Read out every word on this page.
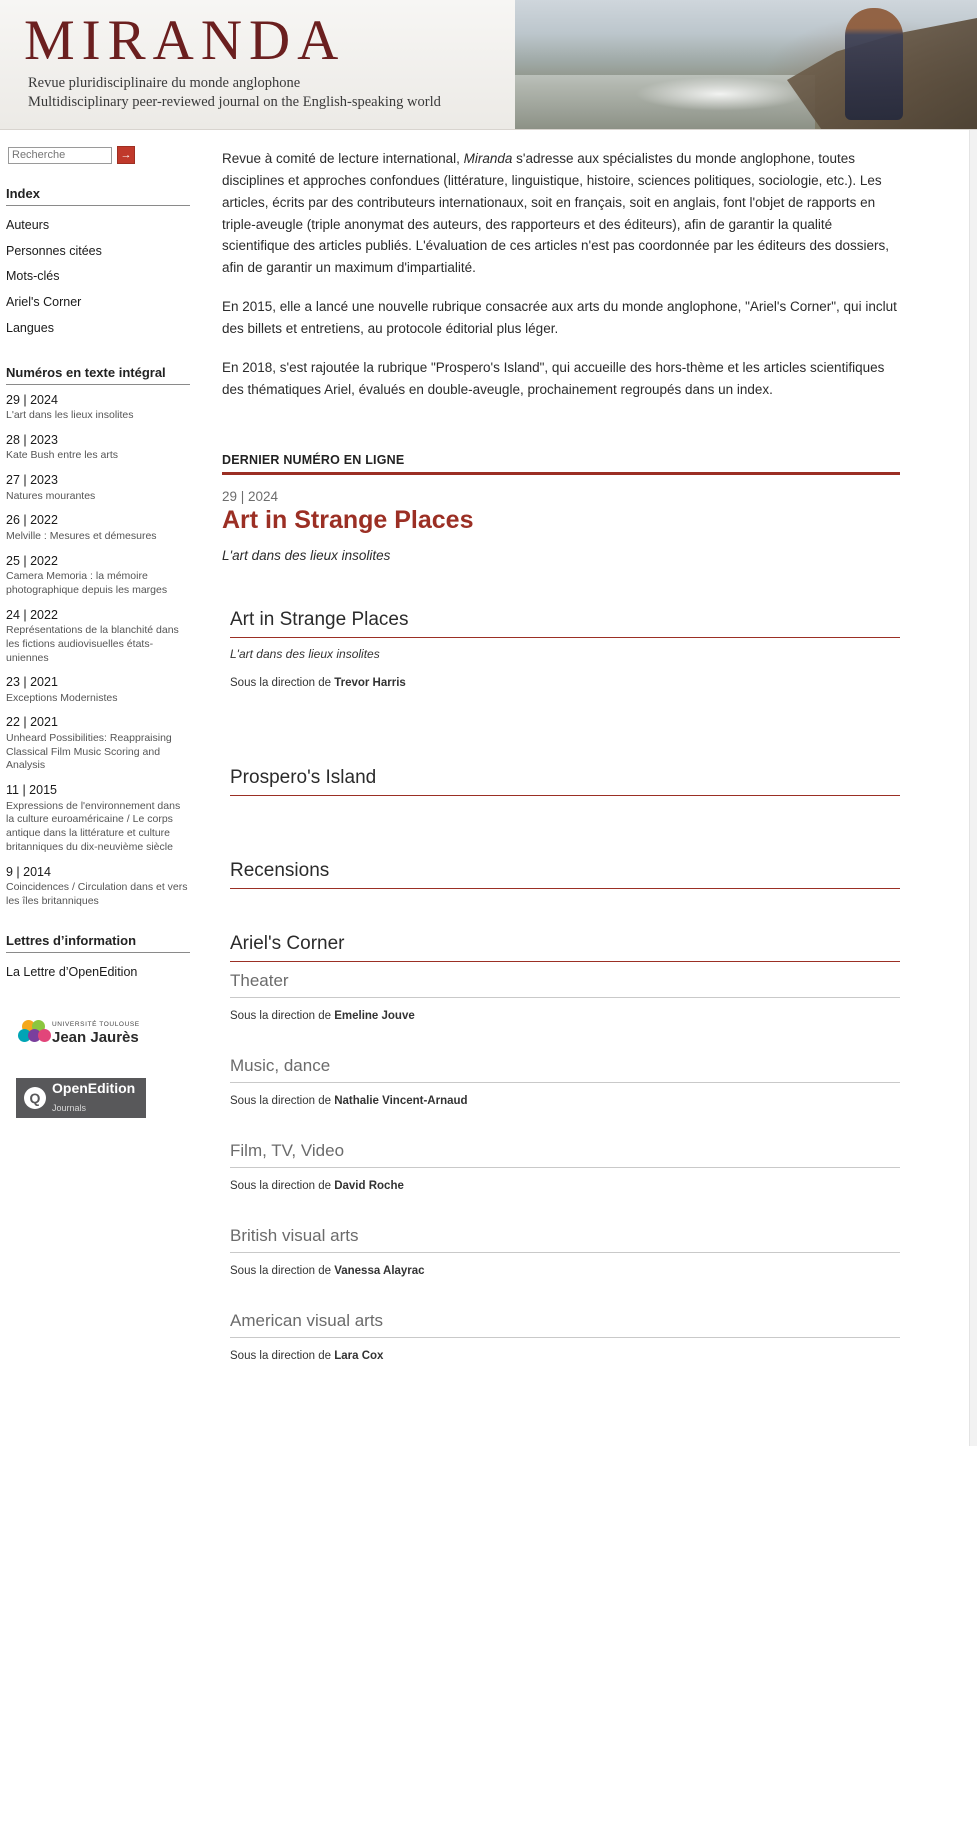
MIRANDA
Revue pluridisciplinaire du monde anglophone
Multidisciplinary peer-reviewed journal on the English-speaking world
Recherche
→
Index
Auteurs
Personnes citées
Mots-clés
Ariel's Corner
Langues
Numéros en texte intégral
29 | 2024
L'art dans les lieux insolites
28 | 2023
Kate Bush entre les arts
27 | 2023
Natures mourantes
26 | 2022
Melville : Mesures et démesures
25 | 2022
Camera Memoria : la mémoire photographique depuis les marges
24 | 2022
Représentations de la blanchité dans les fictions audiovisuelles états-uniennes
23 | 2021
Exceptions Modernistes
22 | 2021
Unheard Possibilities: Reappraising Classical Film Music Scoring and Analysis
11 | 2015
Expressions de l'environnement dans la culture euroaméricaine / Le corps antique dans la littérature et culture britanniques du dix-neuvième siècle
9 | 2014
Coincidences / Circulation dans et vers les îles britanniques
Lettres d’information
La Lettre d’OpenEdition
UNIVERSITÉ TOULOUSE
Jean Jaurès
Q
OpenEdition
Journals

Revue à comité de lecture international, Miranda s'adresse aux spécialistes du monde anglophone, toutes disciplines et approches confondues (littérature, linguistique, histoire, sciences politiques, sociologie, etc.). Les articles, écrits par des contributeurs internationaux, soit en français, soit en anglais, font l'objet de rapports en triple-aveugle (triple anonymat des auteurs, des rapporteurs et des éditeurs), afin de garantir la qualité scientifique des articles publiés. L'évaluation de ces articles n'est pas coordonnée par les éditeurs des dossiers, afin de garantir un maximum d'impartialité.

En 2015, elle a lancé une nouvelle rubrique consacrée aux arts du monde anglophone, "Ariel's Corner", qui inclut des billets et entretiens, au protocole éditorial plus léger.

En 2018, s'est rajoutée la rubrique "Prospero's Island", qui accueille des hors-thème et les articles scientifiques des thématiques Ariel, évalués en double-aveugle, prochainement regroupés dans un index.

DERNIER NUMÉRO EN LIGNE
29 | 2024
Art in Strange Places
L'art dans des lieux insolites
Art in Strange Places
L'art dans des lieux insolites

Sous la direction de Trevor Harris

Prospero's Island
Recensions
Ariel's Corner
Theater

Sous la direction de Emeline Jouve

Music, dance

Sous la direction de Nathalie Vincent-Arnaud

Film, TV, Video

Sous la direction de David Roche

British visual arts

Sous la direction de Vanessa Alayrac

American visual arts

Sous la direction de Lara Cox
